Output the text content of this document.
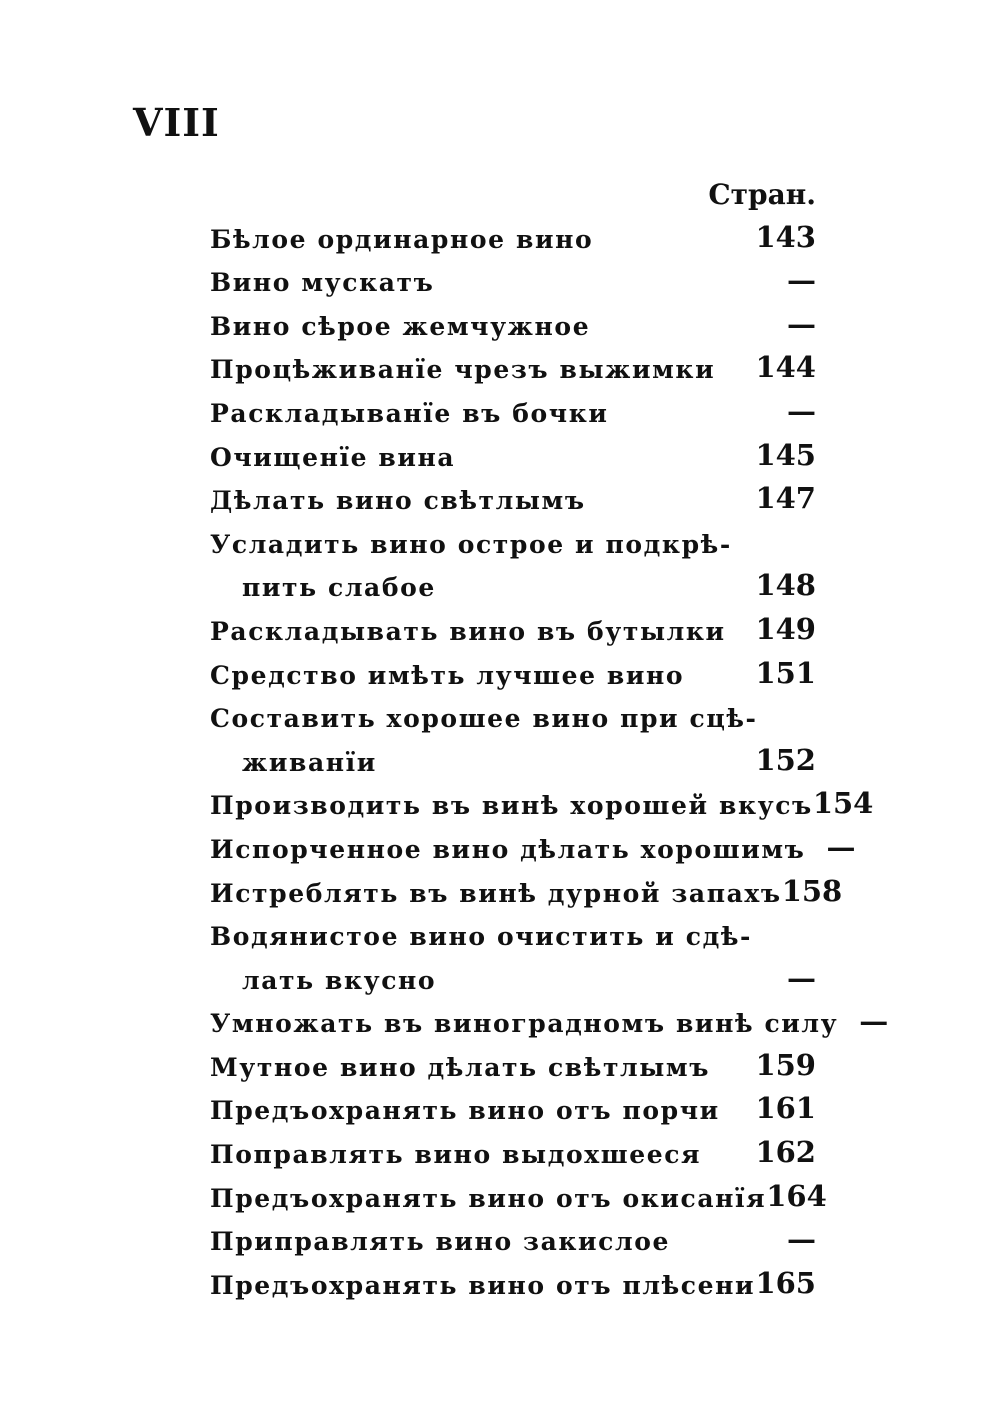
VIII

Стран.

Бѣлое ординарное вино	143
Вино мускатъ	—
Вино сѣрое жемчужное	—
Процѣживанїе чрезъ выжимки	144
Раскладыванїе въ бочки	—
Очищенїе вина	145
Дѣлать вино свѣтлымъ	147
Усладить вино острое и подкрѣ-
пить слабое	148
Раскладывать вино въ бутылки	149
Средство имѣть лучшее вино	151
Составить хорошее вино при сцѣ-
живанїи	152
Производить въ винѣ хорошей вкусъ 154
Испорченное вино дѣлать хорошимъ —
Истреблять въ винѣ дурной запахъ 158
Водянистое вино очистить и сдѣ-
лать вкусно	—
Умножать въ виноградномъ винѣ силу —
Мутное вино дѣлать свѣтлымъ	159
Предъохранять вино отъ порчи	161
Поправлять вино выдохшееся	162
Предъохранять вино отъ окисанїя 164
Приправлять вино закислое	—
Предъохранять вино отъ плѣсени 165
